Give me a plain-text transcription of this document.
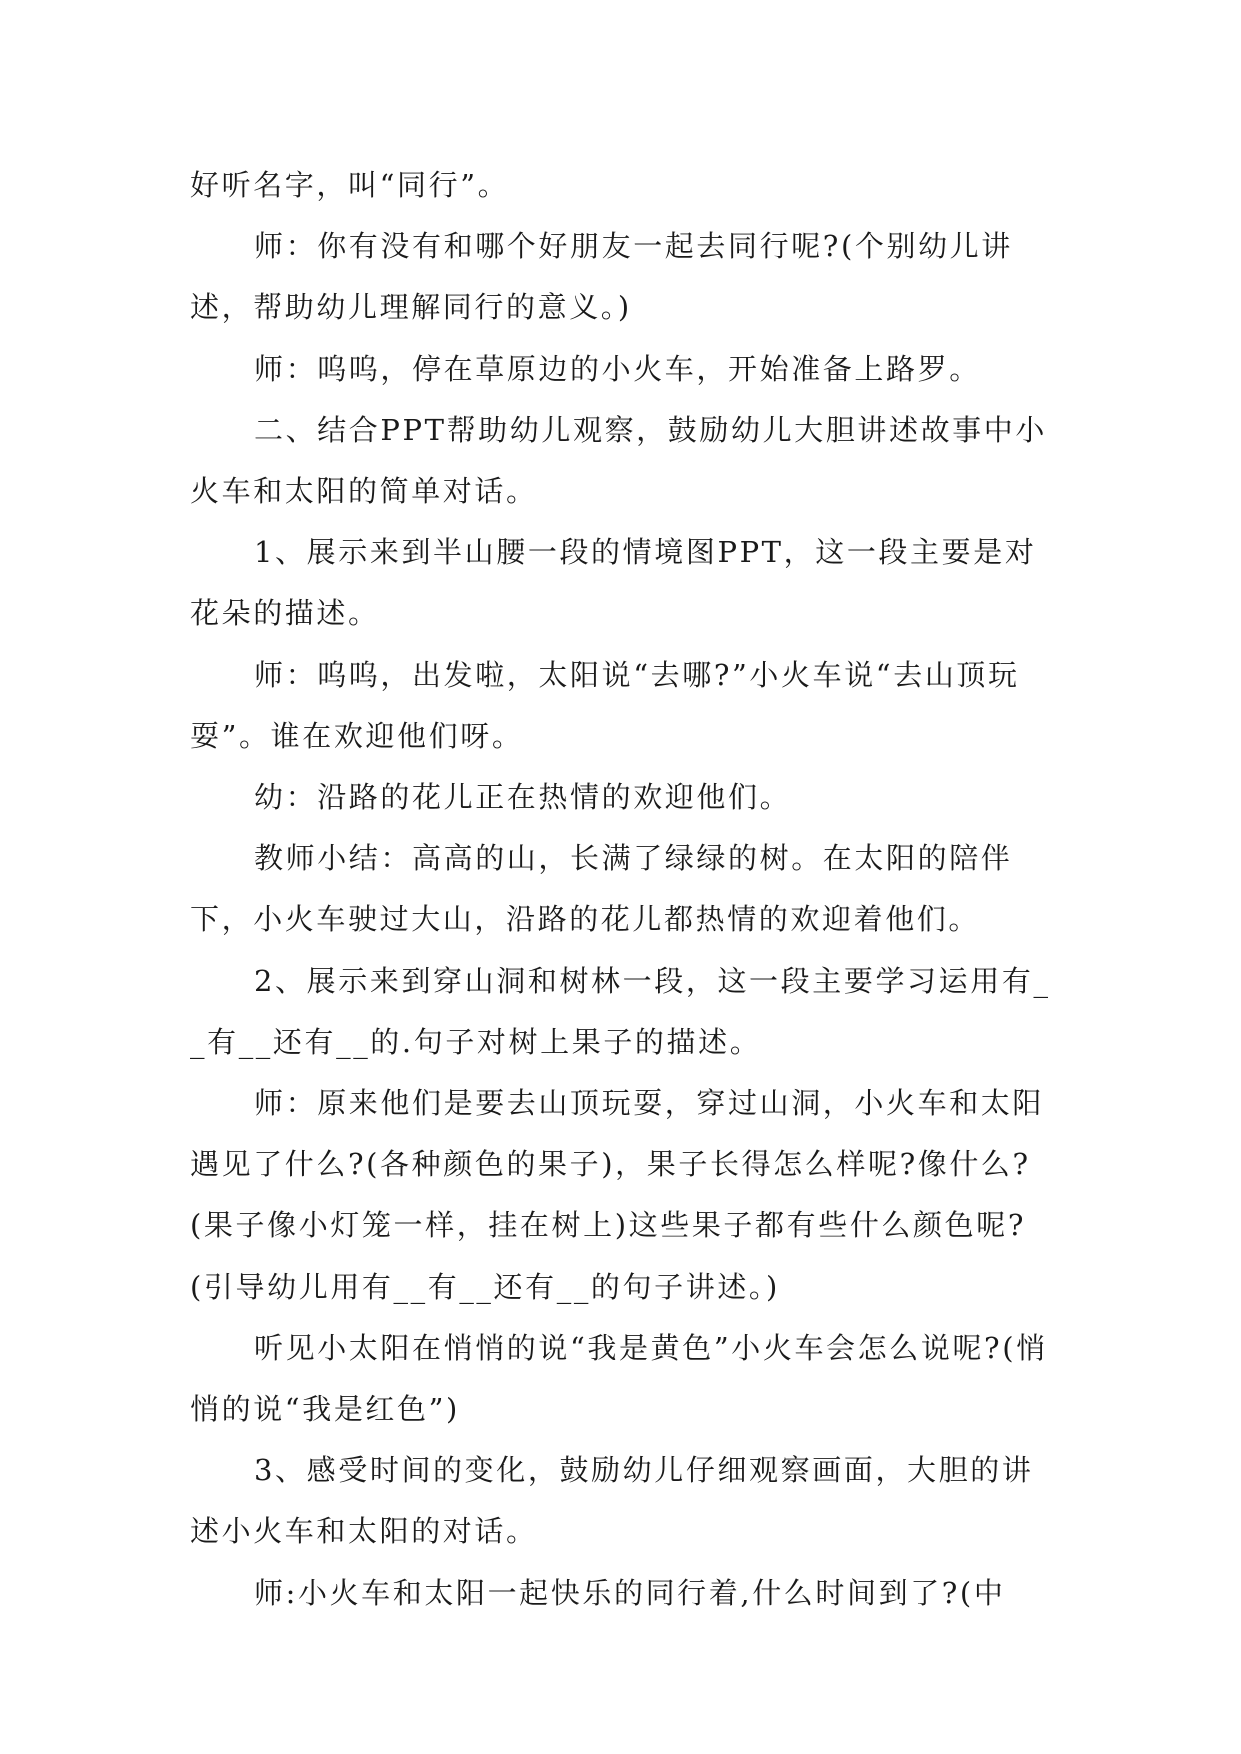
好听名字，叫“同行”。

师：你有没有和哪个好朋友一起去同行呢?(个别幼儿讲述，帮助幼儿理解同行的意义。)

师：呜呜，停在草原边的小火车，开始准备上路罗。

二、结合PPT帮助幼儿观察，鼓励幼儿大胆讲述故事中小火车和太阳的简单对话。

1、展示来到半山腰一段的情境图PPT，这一段主要是对花朵的描述。

师：呜呜，出发啦，太阳说“去哪?”小火车说“去山顶玩耍”。谁在欢迎他们呀。

幼：沿路的花儿正在热情的欢迎他们。

教师小结：高高的山，长满了绿绿的树。在太阳的陪伴下，小火车驶过大山，沿路的花儿都热情的欢迎着他们。

2、展示来到穿山洞和树林一段，这一段主要学习运用有__有__还有__的.句子对树上果子的描述。

师：原来他们是要去山顶玩耍，穿过山洞，小火车和太阳遇见了什么?(各种颜色的果子)，果子长得怎么样呢?像什么?(果子像小灯笼一样，挂在树上)这些果子都有些什么颜色呢?(引导幼儿用有__有__还有__的句子讲述。)

听见小太阳在悄悄的说“我是黄色”小火车会怎么说呢?(悄悄的说“我是红色”)

3、感受时间的变化，鼓励幼儿仔细观察画面，大胆的讲述小火车和太阳的对话。

师:小火车和太阳一起快乐的同行着,什么时间到了?(中
